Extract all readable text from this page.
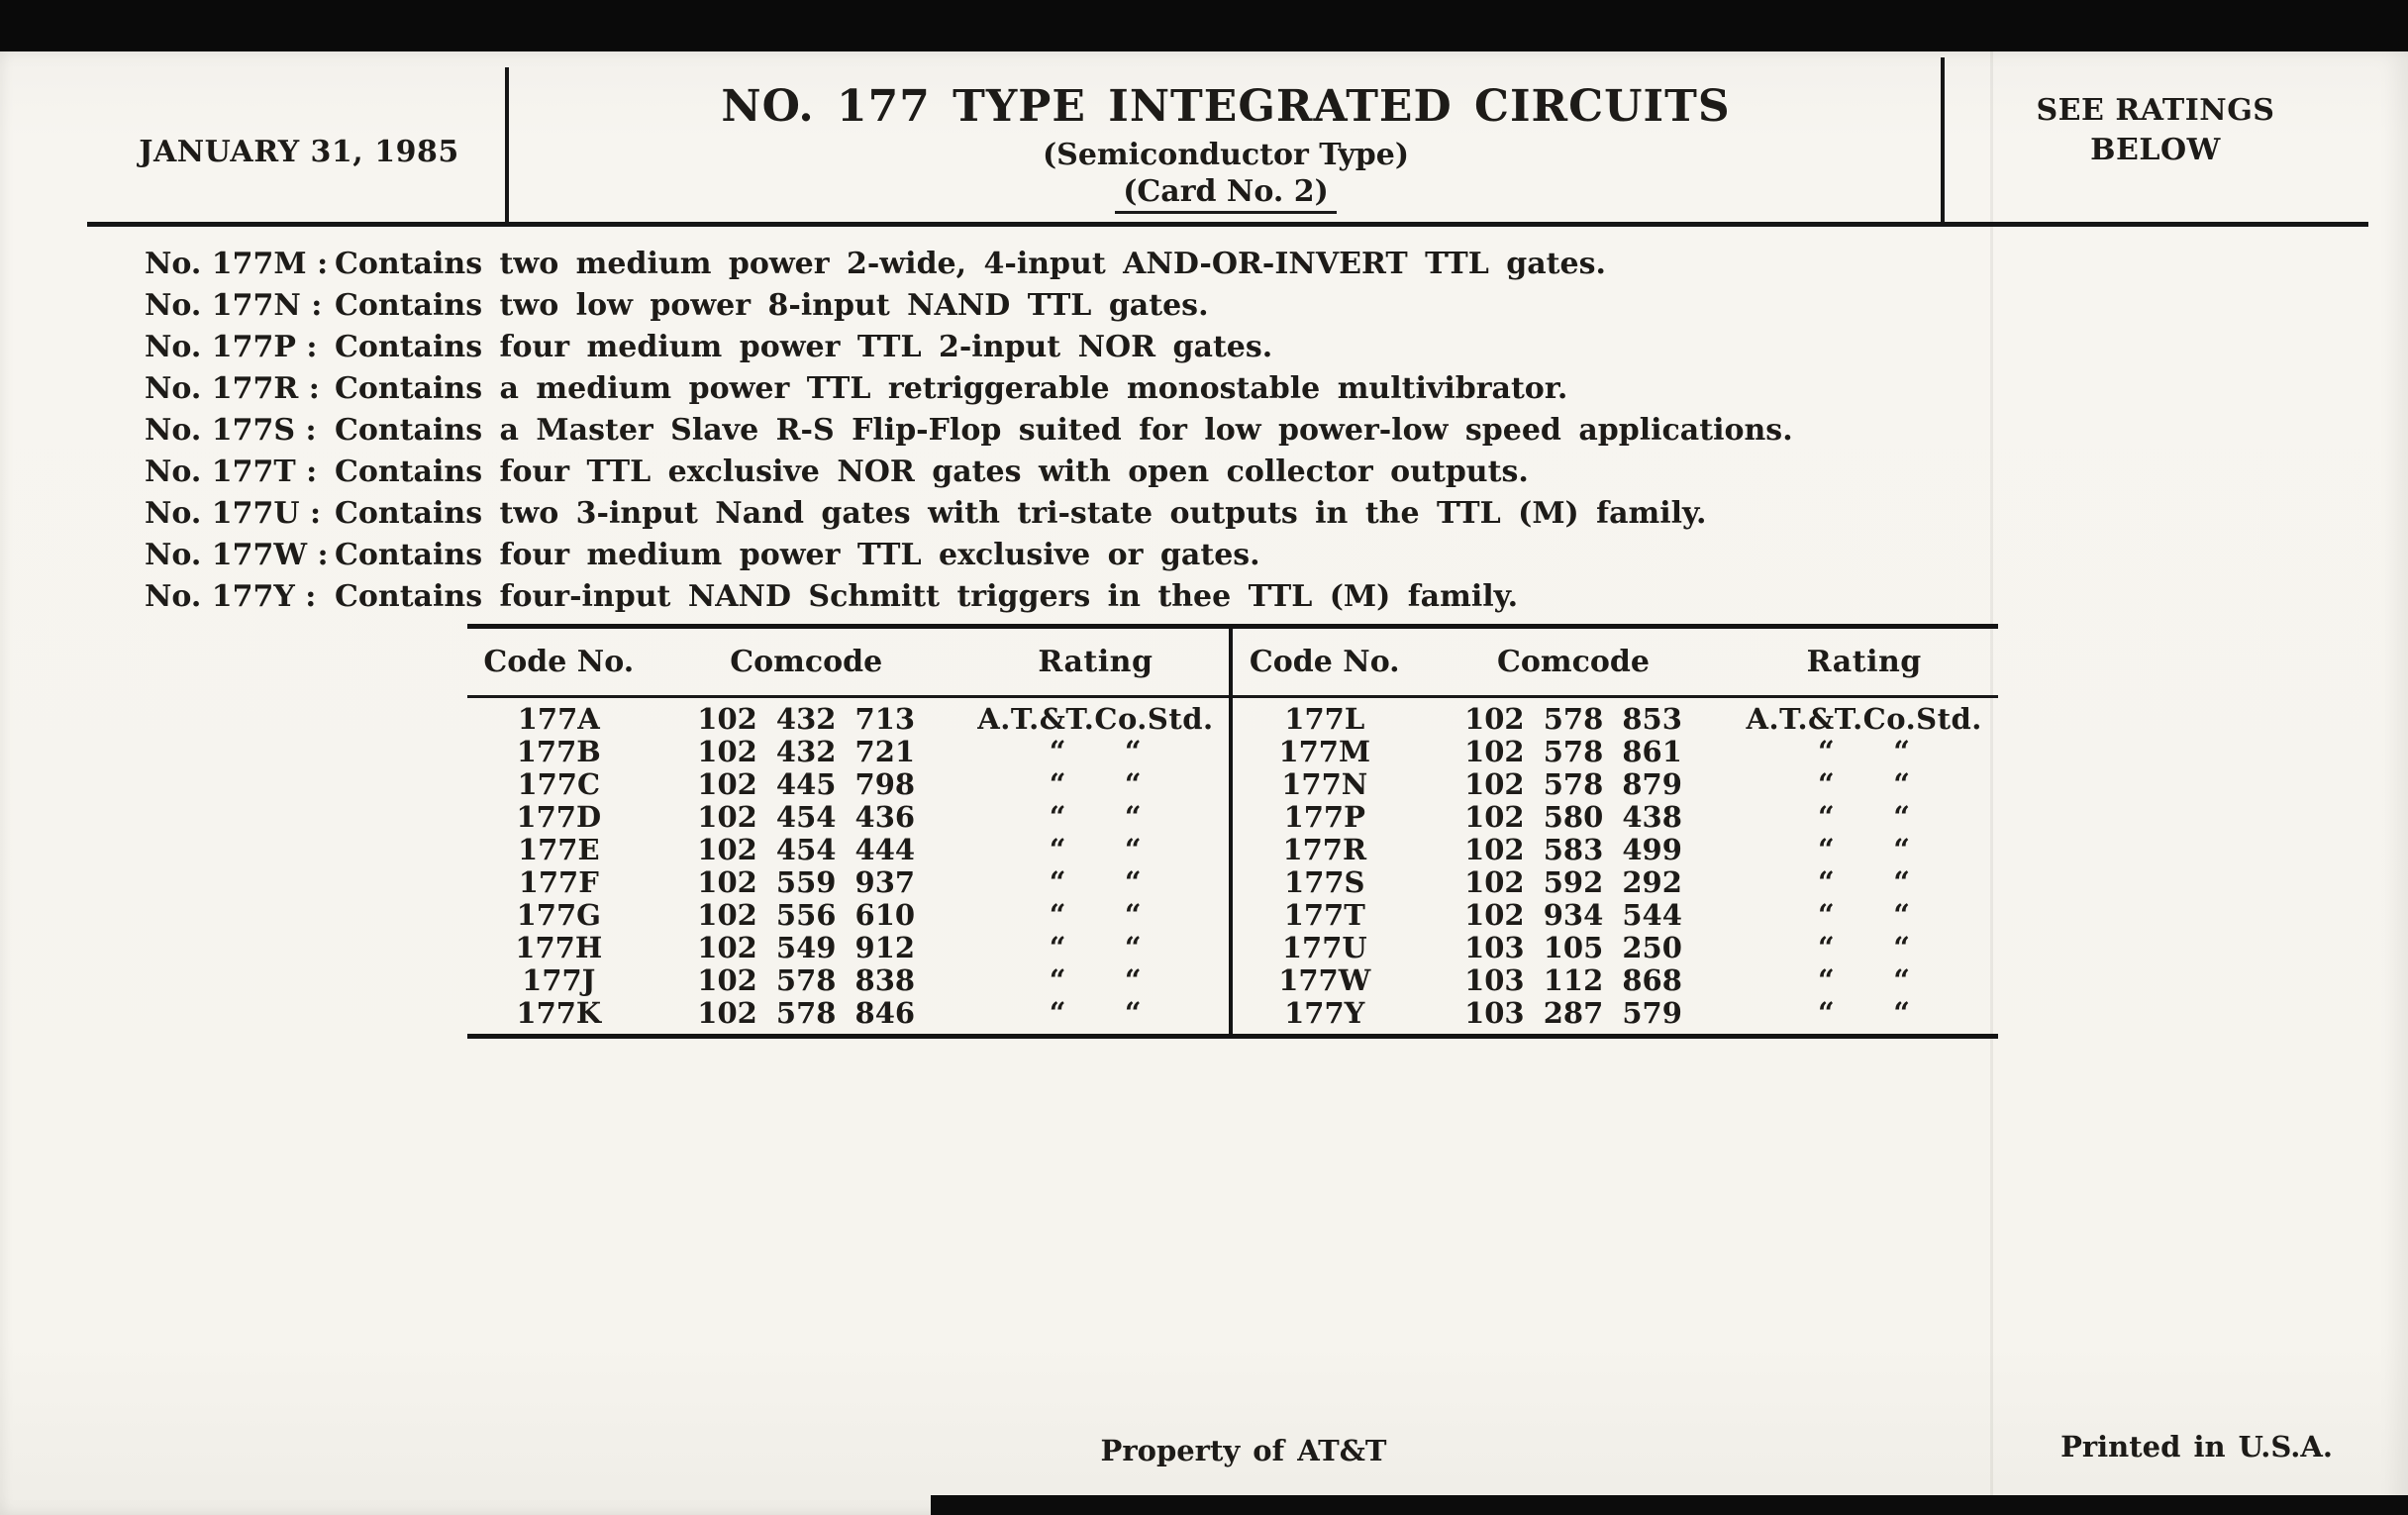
JANUARY 31, 1985
NO. 177 TYPE INTEGRATED CIRCUITS
(Semiconductor Type)
(Card No. 2)
SEE RATINGS
BELOW
No. 177M : Contains two medium power 2-wide, 4-input AND-OR-INVERT TTL gates.
No. 177N : Contains two low power 8-input NAND TTL gates.
No. 177P : Contains four medium power TTL 2-input NOR gates.
No. 177R : Contains a medium power TTL retriggerable monostable multivibrator.
No. 177S : Contains a Master Slave R-S Flip-Flop suited for low power-low speed applications.
No. 177T : Contains four TTL exclusive NOR gates with open collector outputs.
No. 177U : Contains two 3-input Nand gates with tri-state outputs in the TTL (M) family.
No. 177W : Contains four medium power TTL exclusive or gates.
No. 177Y : Contains four-input NAND Schmitt triggers in thee TTL (M) family.
Code No.	Comcode	Rating
177A	102 432 713	A.T.&T.Co.Std.
177B	102 432 721	“  “
177C	102 445 798	“  “
177D	102 454 436	“  “
177E	102 454 444	“  “
177F	102 559 937	“  “
177G	102 556 610	“  “
177H	102 549 912	“  “
177J	102 578 838	“  “
177K	102 578 846	“  “
Code No.	Comcode	Rating
177L	102 578 853	A.T.&T.Co.Std.
177M	102 578 861	“  “
177N	102 578 879	“  “
177P	102 580 438	“  “
177R	102 583 499	“  “
177S	102 592 292	“  “
177T	102 934 544	“  “
177U	103 105 250	“  “
177W	103 112 868	“  “
177Y	103 287 579	“  “
Property of AT&T	Printed in U.S.A.
